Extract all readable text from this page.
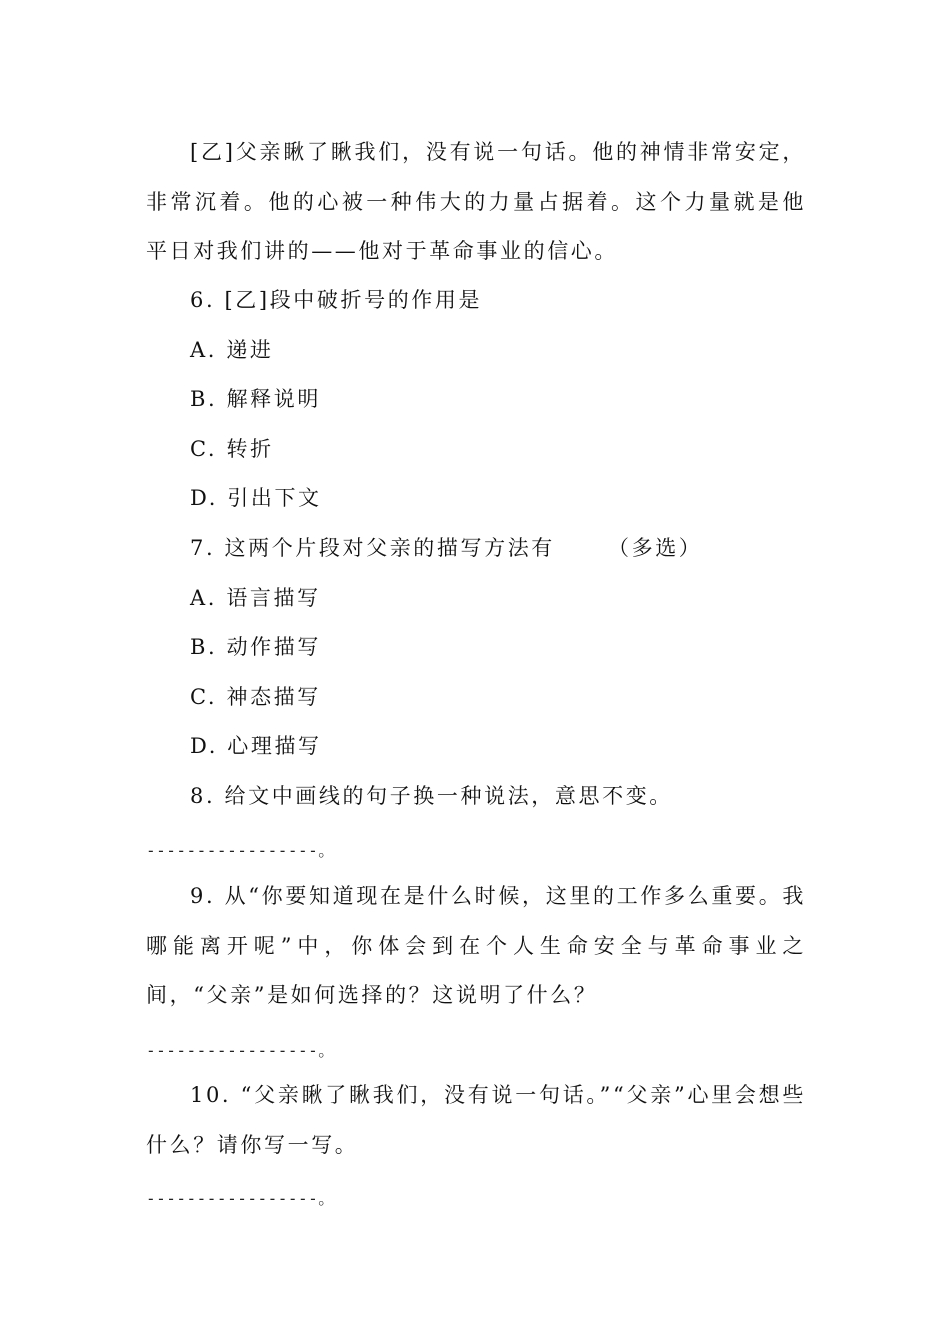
[乙]父亲瞅了瞅我们，没有说一句话。他的神情非常安定，非常沉着。他的心被一种伟大的力量占据着。这个力量就是他平日对我们讲的——他对于革命事业的信心。

6. [乙]段中破折号的作用是

A. 递进

B. 解释说明

C. 转折

D. 引出下文

7. 这两个片段对父亲的描写方法有	（多选）

A. 语言描写

B. 动作描写

C. 神态描写

D. 心理描写

8. 给文中画线的句子换一种说法，意思不变。

-----------------。

9. 从“你要知道现在是什么时候，这里的工作多么重要。我哪能离开呢”中，你体会到在个人生命安全与革命事业之间，“父亲”是如何选择的？这说明了什么？

-----------------。

10. “父亲瞅了瞅我们，没有说一句话。”“父亲”心里会想些什么？请你写一写。

-----------------。
